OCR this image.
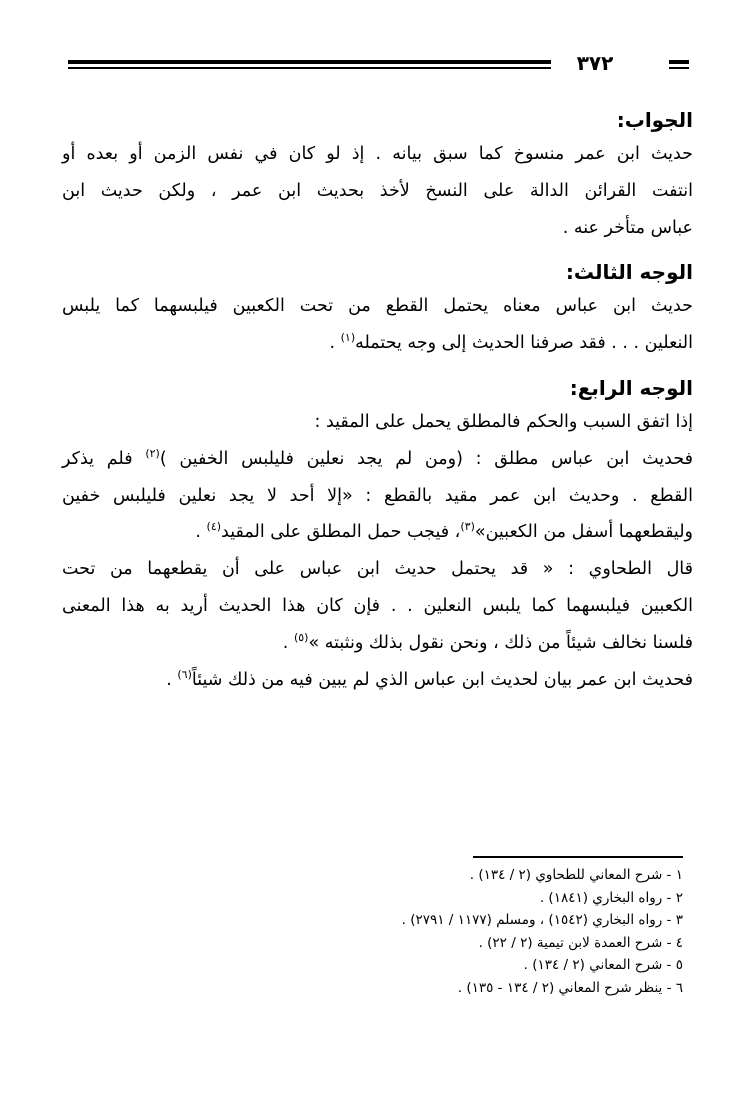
٣٧٢

الجواب:

حديث ابن عمر منسوخ كما سبق بيانه . إذ لو كان في نفس الزمن أو بعده أو

انتفت القرائن الدالة على النسخ لأخذ بحديث ابن عمر ، ولكن حديث ابن

عباس متأخر عنه .

الوجه الثالث:

حديث ابن عباس معناه يحتمل القطع من تحت الكعبين فيلبسهما كما يلبس

النعلين . . . فقد صرفنا الحديث إلى وجه يحتمله$^{(١)}$ .

الوجه الرابع:

إذا اتفق السبب والحكم فالمطلق يحمل على المقيد :

فحديث ابن عباس مطلق : (ومن لم يجد نعلين فليلبس الخفين )$^{(٢)}$ فلم يذكر

القطع . وحديث ابن عمر مقيد بالقطع : «إلا أحد لا يجد نعلين فليلبس خفين

وليقطعهما أسفل من الكعبين»$^{(٣)}$، فيجب حمل المطلق على المقيد$^{(٤)}$ .

قال الطحاوي : « قد يحتمل حديث ابن عباس على أن يقطعهما من تحت

الكعبين فيلبسهما كما يلبس النعلين . . فإن كان هذا الحديث أريد به هذا المعنى

فلسنا نخالف شيئاً من ذلك ، ونحن نقول بذلك ونثبته »$^{(٥)}$ .

فحديث ابن عمر بيان لحديث ابن عباس الذي لم يبين فيه من ذلك شيئاً$^{(٦)}$ .

١ - شرح المعاني للطحاوي (٢ / ١٣٤) .

٢ - رواه البخاري (١٨٤١) .

٣ - رواه البخاري (١٥٤٢) ، ومسلم (١١٧٧ / ٢٧٩١) .

٤ - شرح العمدة لابن تيمية (٢ / ٢٢) .

٥ - شرح المعاني (٢ / ١٣٤) .

٦ - ينظر شرح المعاني (٢ / ١٣٤ - ١٣٥) .
